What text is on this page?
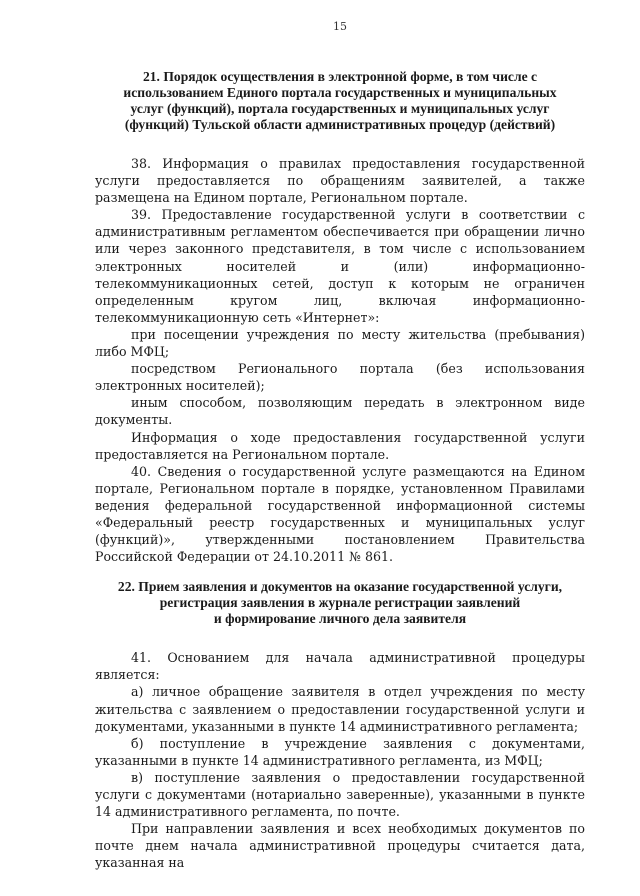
15
21. Порядок осуществления в электронной форме, в том числе с
использованием Единого портала государственных и муниципальных
услуг (функций), портала государственных и муниципальных услуг
(функций) Тульской области административных процедур (действий)

38. Информация о правилах предоставления государственной услуги предоставляется по обращениям заявителей, а также размещена на Едином портале, Региональном портале.

39. Предоставление государственной услуги в соответствии с административным регламентом обеспечивается при обращении лично или через законного представителя, в том числе с использованием электронных носителей и (или) информационно-телекоммуникационных сетей, доступ к которым не ограничен определенным кругом лиц, включая информационно-телекоммуникационную сеть «Интернет»:

при посещении учреждения по месту жительства (пребывания) либо МФЦ;

посредством Регионального портала (без использования электронных носителей);

иным способом, позволяющим передать в электронном виде документы.

Информация о ходе предоставления государственной услуги предоставляется на Региональном портале.

40. Сведения о государственной услуге размещаются на Едином портале, Региональном портале в порядке, установленном Правилами ведения федеральной государственной информационной системы «Федеральный реестр государственных и муниципальных услуг (функций)», утвержденными постановлением Правительства Российской Федерации от 24.10.2011 № 861.

22. Прием заявления и документов на оказание государственной услуги,
регистрация заявления в журнале регистрации заявлений
и формирование личного дела заявителя

41. Основанием для начала административной процедуры является:

а) личное обращение заявителя в отдел учреждения по месту жительства с заявлением о предоставлении государственной услуги и документами, указанными в пункте 14 административного регламента;

б) поступление в учреждение заявления с документами, указанными в пункте 14 административного регламента, из МФЦ;

в) поступление заявления о предоставлении государственной услуги с документами (нотариально заверенные), указанными в пункте 14 административного регламента, по почте.

При направлении заявления и всех необходимых документов по почте днем начала административной процедуры считается дата, указанная на
